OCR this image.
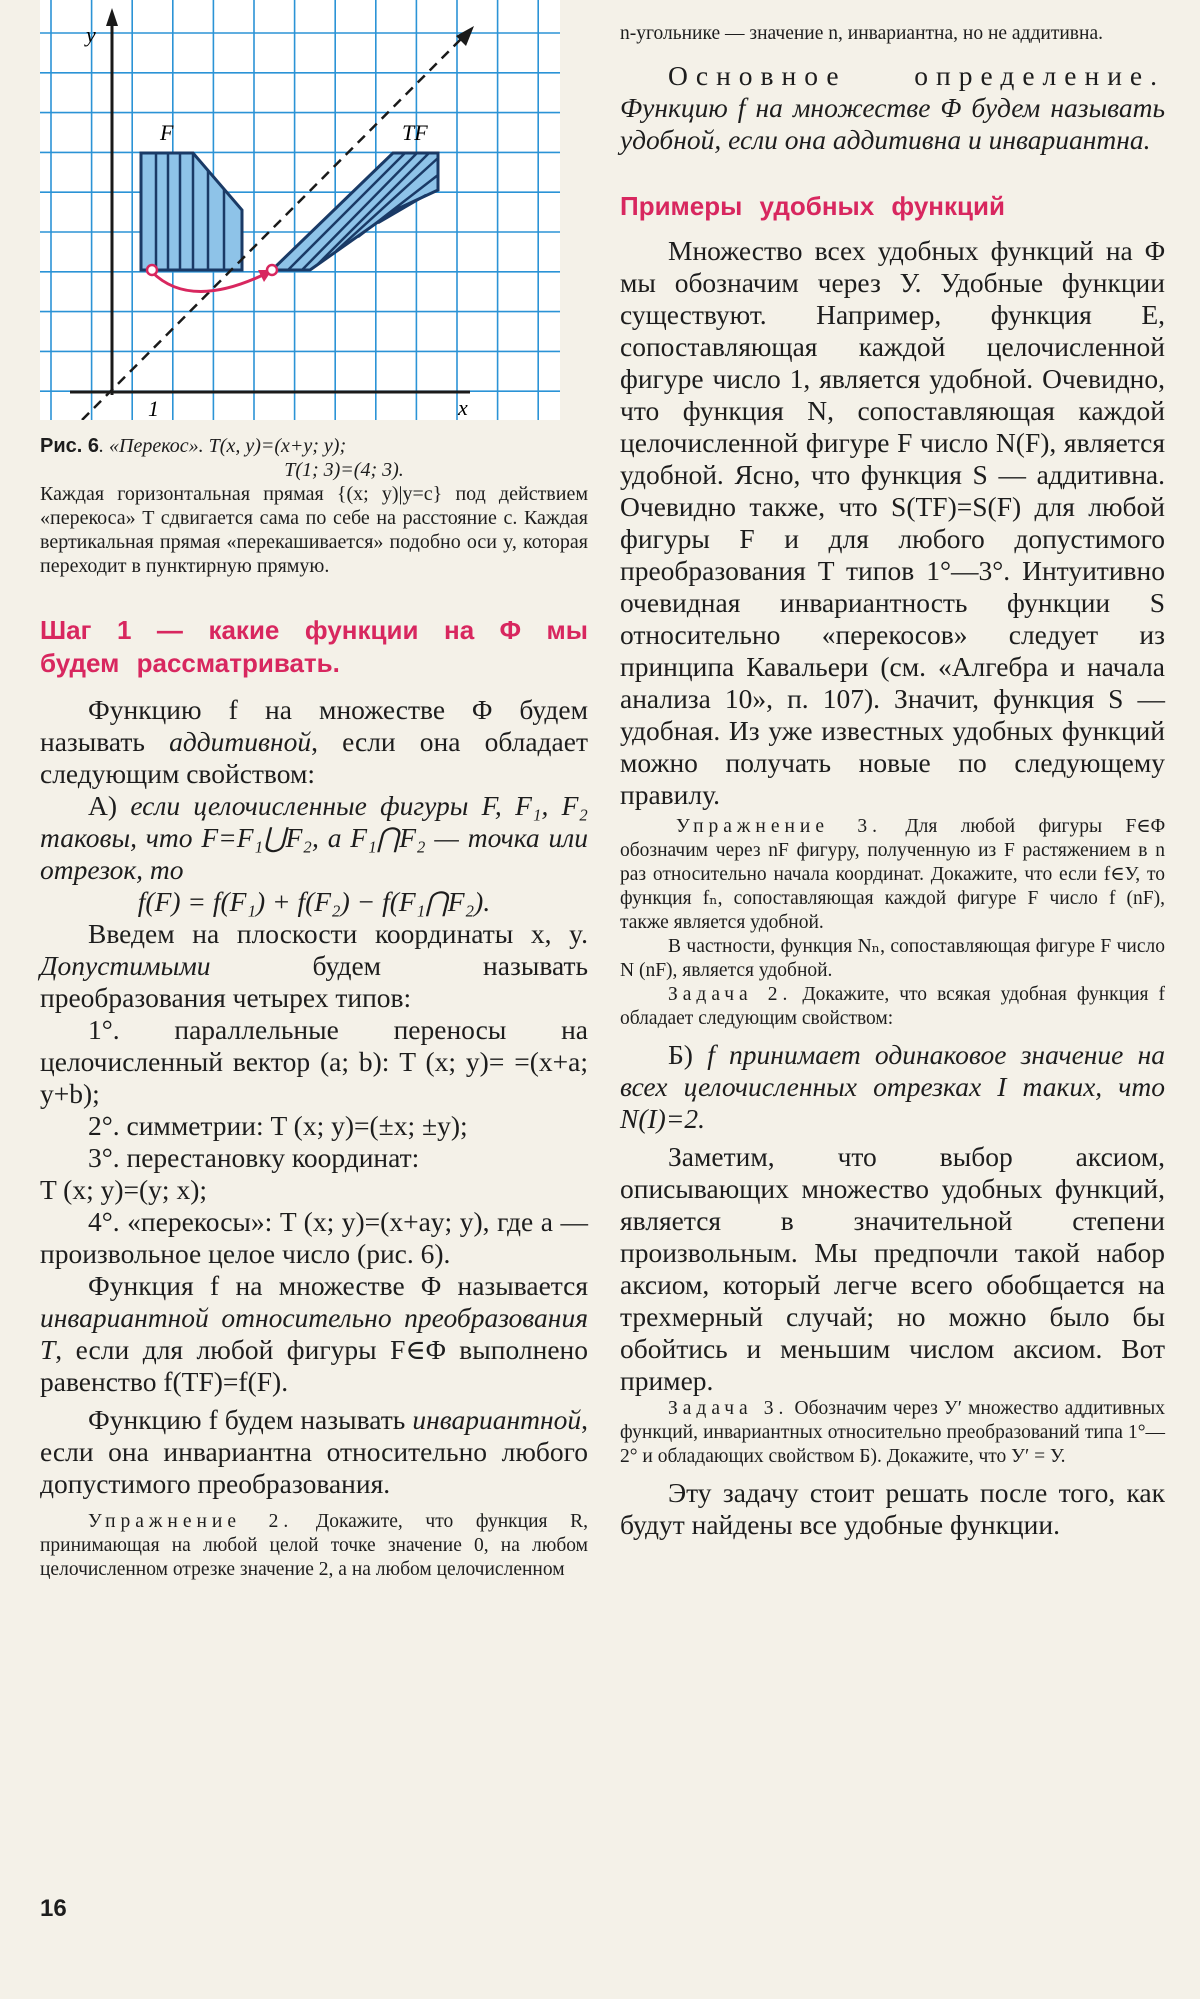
y
x
1
F	TF

Рис. 6. «Перекос». T(x, y)=(x+y; y);

T(1; 3)=(4; 3).

Каждая горизонтальная прямая {(x; y)|y=c} под действием «перекоса» T сдвигается сама по себе на расстояние c. Каждая вертикальная прямая «перекашивается» подобно оси y, которая переходит в пунктирную прямую.

Шаг 1 — какие функции на Φ мы будем рассматривать.

Функцию f на множестве Φ будем называть аддитивной, если она обладает следующим свойством:

А) если целочисленные фигуры F, F₁, F₂ таковы, что F=F₁⋃F₂, а F₁⋂F₂ — точка или отрезок, то

f(F) = f(F₁) + f(F₂) − f(F₁⋂F₂).

Введем на плоскости координаты x, y. Допустимыми будем называть преобразования четырех типов:

1°. параллельные переносы на целочисленный вектор (a; b): T (x; y)= =(x+a; y+b);

2°. симметрии: T (x; y)=(±x; ±y);

3°. перестановку координат:

T (x; y)=(y; x);

4°. «перекосы»: T (x; y)=(x+ay; y), где a — произвольное целое число (рис. 6).

Функция f на множестве Φ называется инвариантной относительно преобразования T, если для любой фигуры F∈Φ выполнено равенство f(TF)=f(F).

Функцию f будем называть инвариантной, если она инвариантна относительно любого допустимого преобразования.

Упражнение 2. Докажите, что функция R, принимающая на любой целой точке значение 0, на любом целочисленном отрезке значение 2, а на любом целочисленном

n-угольнике — значение n, инвариантна, но не аддитивна.

Основное определение. Функцию f на множестве Φ будем называть удобной, если она аддитивна и инвариантна.

Примеры удобных функций

Множество всех удобных функций на Φ мы обозначим через У. Удобные функции существуют. Например, функция E, сопоставляющая каждой целочисленной фигуре число 1, является удобной. Очевидно, что функция N, сопоставляющая каждой целочисленной фигуре F число N(F), является удобной. Ясно, что функция S — аддитивна. Очевидно также, что S(TF)=S(F) для любой фигуры F и для любого допустимого преобразования T типов 1°—3°. Интуитивно очевидная инвариантность функции S относительно «перекосов» следует из принципа Кавальери (см. «Алгебра и начала анализа 10», п. 107). Значит, функция S — удобная. Из уже известных удобных функций можно получать новые по следующему правилу.

Упражнение 3. Для любой фигуры F∈Φ обозначим через nF фигуру, полученную из F растяжением в n раз относительно начала координат. Докажите, что если f∈У, то функция fₙ, сопоставляющая каждой фигуре F число f (nF), также является удобной.

В частности, функция Nₙ, сопоставляющая фигуре F число N (nF), является удобной.

Задача 2. Докажите, что всякая удобная функция f обладает следующим свойством:

Б) f принимает одинаковое значение на всех целочисленных отрезках I таких, что N(I)=2.

Заметим, что выбор аксиом, описывающих множество удобных функций, является в значительной степени произвольным. Мы предпочли такой набор аксиом, который легче всего обобщается на трехмерный случай; но можно было бы обойтись и меньшим числом аксиом. Вот пример.

Задача 3. Обозначим через У′ множество аддитивных функций, инвариантных относительно преобразований типа 1°—2° и обладающих свойством Б). Докажите, что У′ = У.

Эту задачу стоит решать после того, как будут найдены все удобные функции.

16
